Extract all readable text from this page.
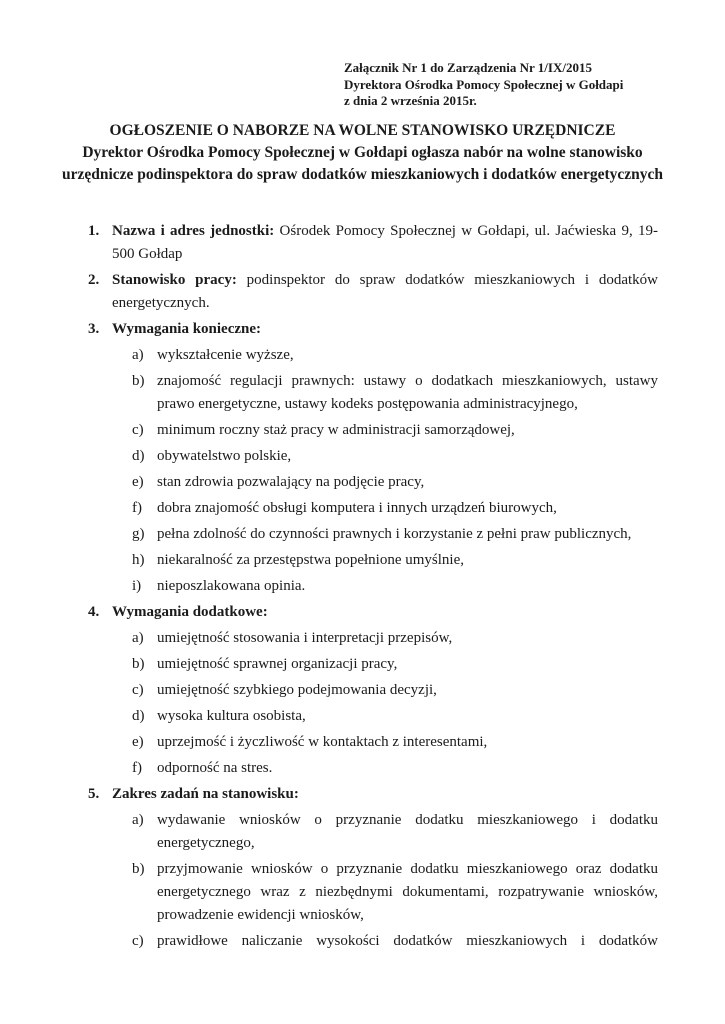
Załącznik Nr 1 do Zarządzenia Nr 1/IX/2015
Dyrektora Ośrodka Pomocy Społecznej w Gołdapi
z dnia 2 września 2015r.
OGŁOSZENIE O NABORZE NA WOLNE STANOWISKO URZĘDNICZE
Dyrektor Ośrodka Pomocy Społecznej w Gołdapi ogłasza nabór na wolne stanowisko
urzędnicze podinspektora do spraw dodatków mieszkaniowych i dodatków energetycznych
1. Nazwa i adres jednostki: Ośrodek Pomocy Społecznej w Gołdapi, ul. Jaćwieska 9, 19-500 Gołdap

2. Stanowisko pracy: podinspektor do spraw dodatków mieszkaniowych i dodatków energetycznych.

3. Wymagania konieczne:

a) wykształcenie wyższe,

b) znajomość regulacji prawnych: ustawy o dodatkach mieszkaniowych, ustawy prawo energetyczne, ustawy kodeks postępowania administracyjnego,

c) minimum roczny staż pracy w administracji samorządowej,

d) obywatelstwo polskie,

e) stan zdrowia pozwalający na podjęcie pracy,

f)	dobra znajomość obsługi komputera i innych urządzeń biurowych,

g) pełna zdolność do czynności prawnych i korzystanie z pełni praw publicznych,

h) niekaralność za przestępstwa popełnione umyślnie,

i)	nieposzlakowana opinia.

4. Wymagania dodatkowe:

a) umiejętność stosowania i interpretacji przepisów,

b) umiejętność sprawnej organizacji pracy,

c) umiejętność szybkiego podejmowania decyzji,

d) wysoka kultura osobista,

e) uprzejmość i życzliwość w kontaktach z interesentami,

f)	odporność na stres.

5. Zakres zadań na stanowisku:

a) wydawanie wniosków o przyznanie dodatku mieszkaniowego i dodatku energetycznego,

b) przyjmowanie wniosków o przyznanie dodatku mieszkaniowego oraz dodatku energetycznego wraz z niezbędnymi dokumentami, rozpatrywanie wniosków, prowadzenie ewidencji wniosków,

c) prawidłowe naliczanie wysokości dodatków mieszkaniowych i dodatków
